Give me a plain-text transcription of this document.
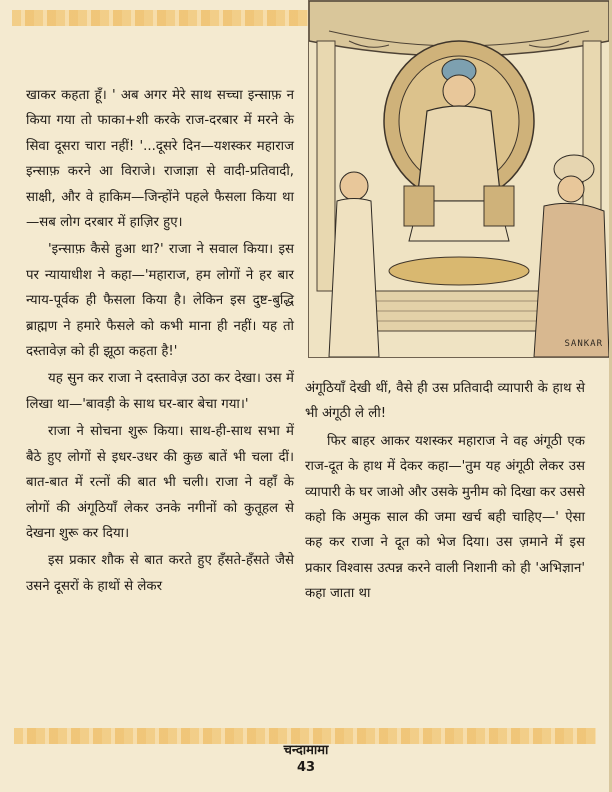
SANKAR

खाकर कहता हूँ। ' अब अगर मेरे साथ सच्चा इन्साफ़ न किया गया तो फाका+शी करके राज-दरबार में मरने के सिवा दूसरा चारा नहीं! '...दूसरे दिन—यशस्कर महाराज इन्साफ़ करने आ विराजे। राजाज्ञा से वादी-प्रतिवादी, साक्षी, और वे हाकिम—जिन्होंने पहले फैसला किया था—सब लोग दरबार में हाज़िर हुए।

'इन्साफ़ कैसे हुआ था?' राजा ने सवाल किया। इस पर न्यायाधीश ने कहा—'महाराज, हम लोगों ने हर बार न्याय-पूर्वक ही फैसला किया है। लेकिन इस दुष्ट-बुद्धि ब्राह्मण ने हमारे फैसले को कभी माना ही नहीं। यह तो दस्तावेज़ को ही झूठा कहता है!'

यह सुन कर राजा ने दस्तावेज़ उठा कर देखा। उस में लिखा था—'बावड़ी के साथ घर-बार बेचा गया।'

राजा ने सोचना शुरू किया। साथ-ही-साथ सभा में बैठे हुए लोगों से इधर-उधर की कुछ बातें भी चला दीं। बात-बात में रत्नों की बात भी चली। राजा ने वहाँ के लोगों की अंगूठियाँ लेकर उनके नगीनों को कुतूहल से देखना शुरू कर दिया।

इस प्रकार शौक से बात करते हुए हँसते-हँसते जैसे उसने दूसरों के हाथों से लेकर

अंगूठियाँ देखी थीं, वैसे ही उस प्रतिवादी व्यापारी के हाथ से भी अंगूठी ले ली!

फिर बाहर आकर यशस्कर महाराज ने वह अंगूठी एक राज-दूत के हाथ में देकर कहा—'तुम यह अंगूठी लेकर उस व्यापारी के घर जाओ और उसके मुनीम को दिखा कर उससे कहो कि अमुक साल की जमा खर्च बही चाहिए—' ऐसा कह कर राजा ने दूत को भेज दिया। उस ज़माने में इस प्रकार विश्वास उत्पन्न करने वाली निशानी को ही 'अभिज्ञान' कहा जाता था

चन्दामामा
43
